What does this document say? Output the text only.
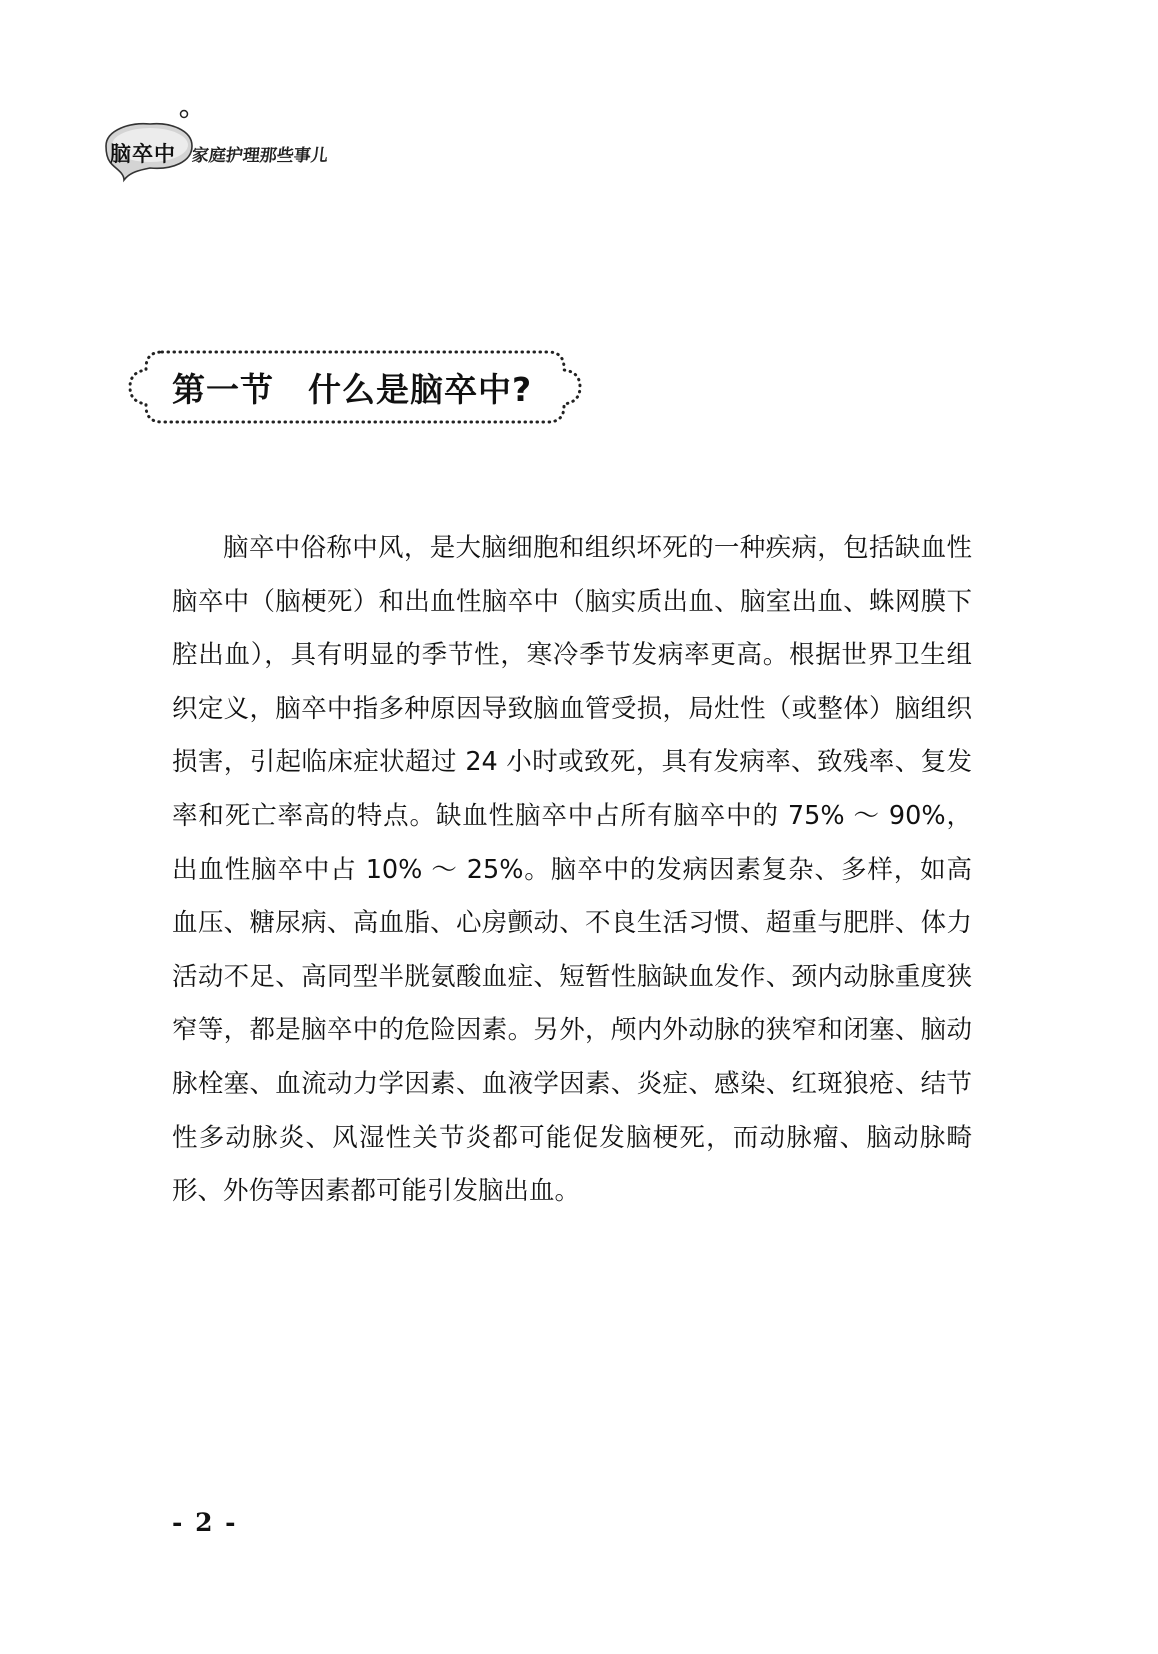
脑卒中 家庭护理那些事儿
第一节 什么是脑卒中?

脑卒中俗称中风，是大脑细胞和组织坏死的一种疾病，包括缺血性脑卒中（脑梗死）和出血性脑卒中（脑实质出血、脑室出血、蛛网膜下腔出血），具有明显的季节性，寒冷季节发病率更高。根据世界卫生组织定义，脑卒中指多种原因导致脑血管受损，局灶性（或整体）脑组织损害，引起临床症状超过 24 小时或致死，具有发病率、致残率、复发率和死亡率高的特点。缺血性脑卒中占所有脑卒中的 75% ～ 90%，出血性脑卒中占 10% ～ 25%。脑卒中的发病因素复杂、多样，如高血压、糖尿病、高血脂、心房颤动、不良生活习惯、超重与肥胖、体力活动不足、高同型半胱氨酸血症、短暂性脑缺血发作、颈内动脉重度狭窄等，都是脑卒中的危险因素。另外，颅内外动脉的狭窄和闭塞、脑动脉栓塞、血流动力学因素、血液学因素、炎症、感染、红斑狼疮、结节性多动脉炎、风湿性关节炎都可能促发脑梗死，而动脉瘤、脑动脉畸形、外伤等因素都可能引发脑出血。

- 2 -
